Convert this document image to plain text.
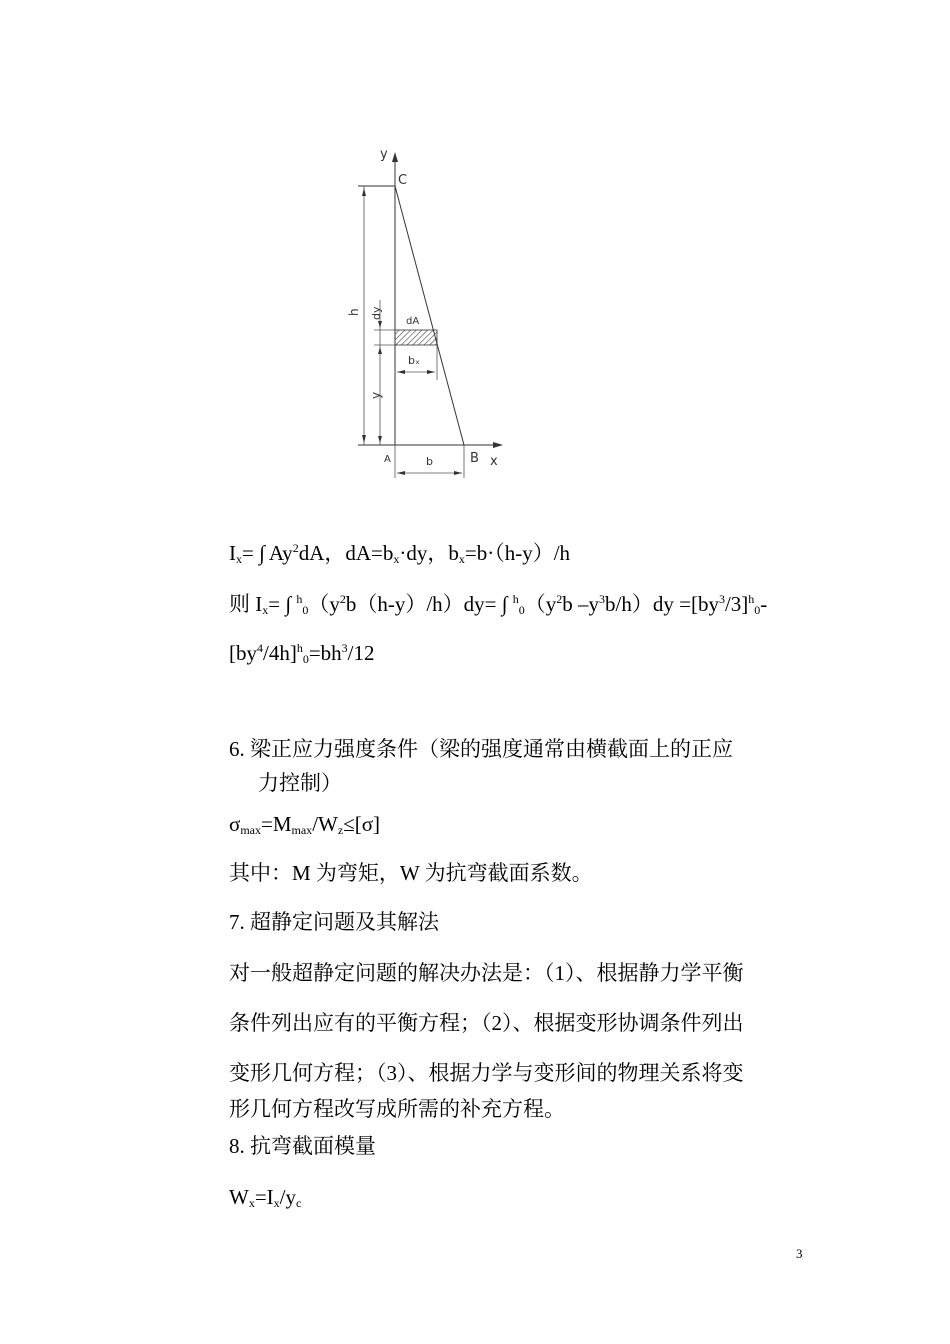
y
C
h dy
dA
bₓ
y
A	b	B x
$I_x=$ ∫ Ay$^2$dA，$dA=b_x\cdot dy$，$b_x=b\cdot(h-y)/h$
则 $I_x=$ ∫ $^h_0(y^2b(h-y)/h)dy=$ ∫ $^h_0(y^2b$ $-y^3b/h)dy =[by^3/3]^h_0-$
$[by^4/4h]^h_0=bh^3/12$
6. 梁正应力强度条件（梁的强度通常由横截面上的正应
力控制）
$\sigma_{max}=M_{max}/W_z\le[\sigma]$
其中：M 为弯矩，W 为抗弯截面系数。
7. 超静定问题及其解法
对一般超静定问题的解决办法是：（1）、根据静力学平衡
条件列出应有的平衡方程；（2）、根据变形协调条件列出
变形几何方程；（3）、根据力学与变形间的物理关系将变
形几何方程改写成所需的补充方程。
8. 抗弯截面模量
$W_x=I_x/y_c$
3
